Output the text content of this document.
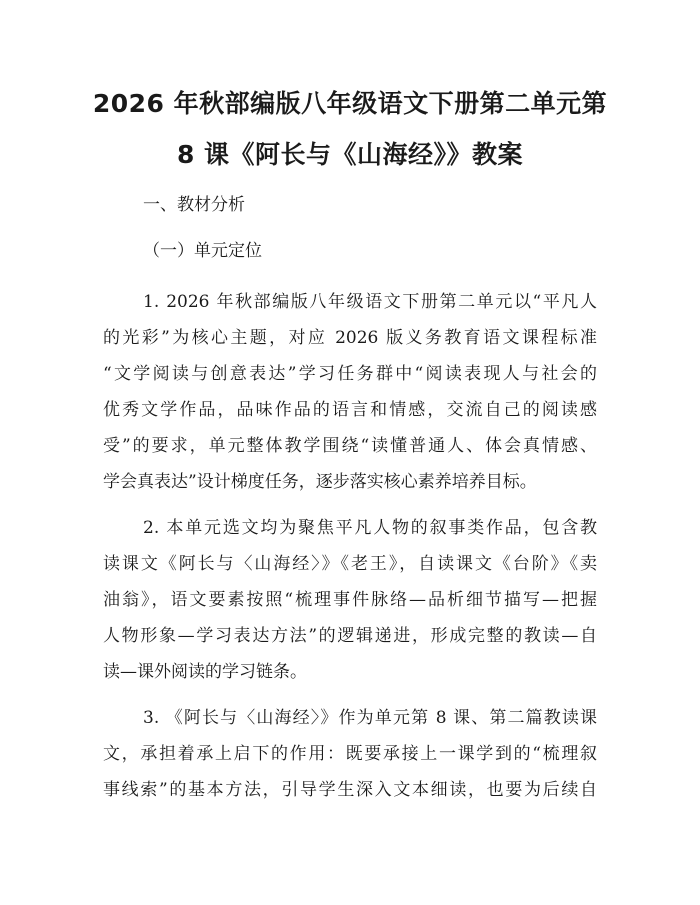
2026 年秋部编版八年级语文下册第二单元第
8 课《阿长与《山海经》》教案
一、教材分析
（一）单元定位
1. 2026 年秋部编版八年级语文下册第二单元以“平凡人
的光彩”为核心主题，对应 2026 版义务教育语文课程标准
“文学阅读与创意表达”学习任务群中“阅读表现人与社会的
优秀文学作品，品味作品的语言和情感，交流自己的阅读感
受”的要求，单元整体教学围绕“读懂普通人、体会真情感、
学会真表达”设计梯度任务，逐步落实核心素养培养目标。
2. 本单元选文均为聚焦平凡人物的叙事类作品，包含教
读课文《阿长与〈山海经〉》《老王》，自读课文《台阶》《卖
油翁》，语文要素按照“梳理事件脉络—品析细节描写—把握
人物形象—学习表达方法”的逻辑递进，形成完整的教读—自
读—课外阅读的学习链条。
3. 《阿长与〈山海经〉》作为单元第 8 课、第二篇教读课
文，承担着承上启下的作用：既要承接上一课学到的“梳理叙
事线索”的基本方法，引导学生深入文本细读，也要为后续自
